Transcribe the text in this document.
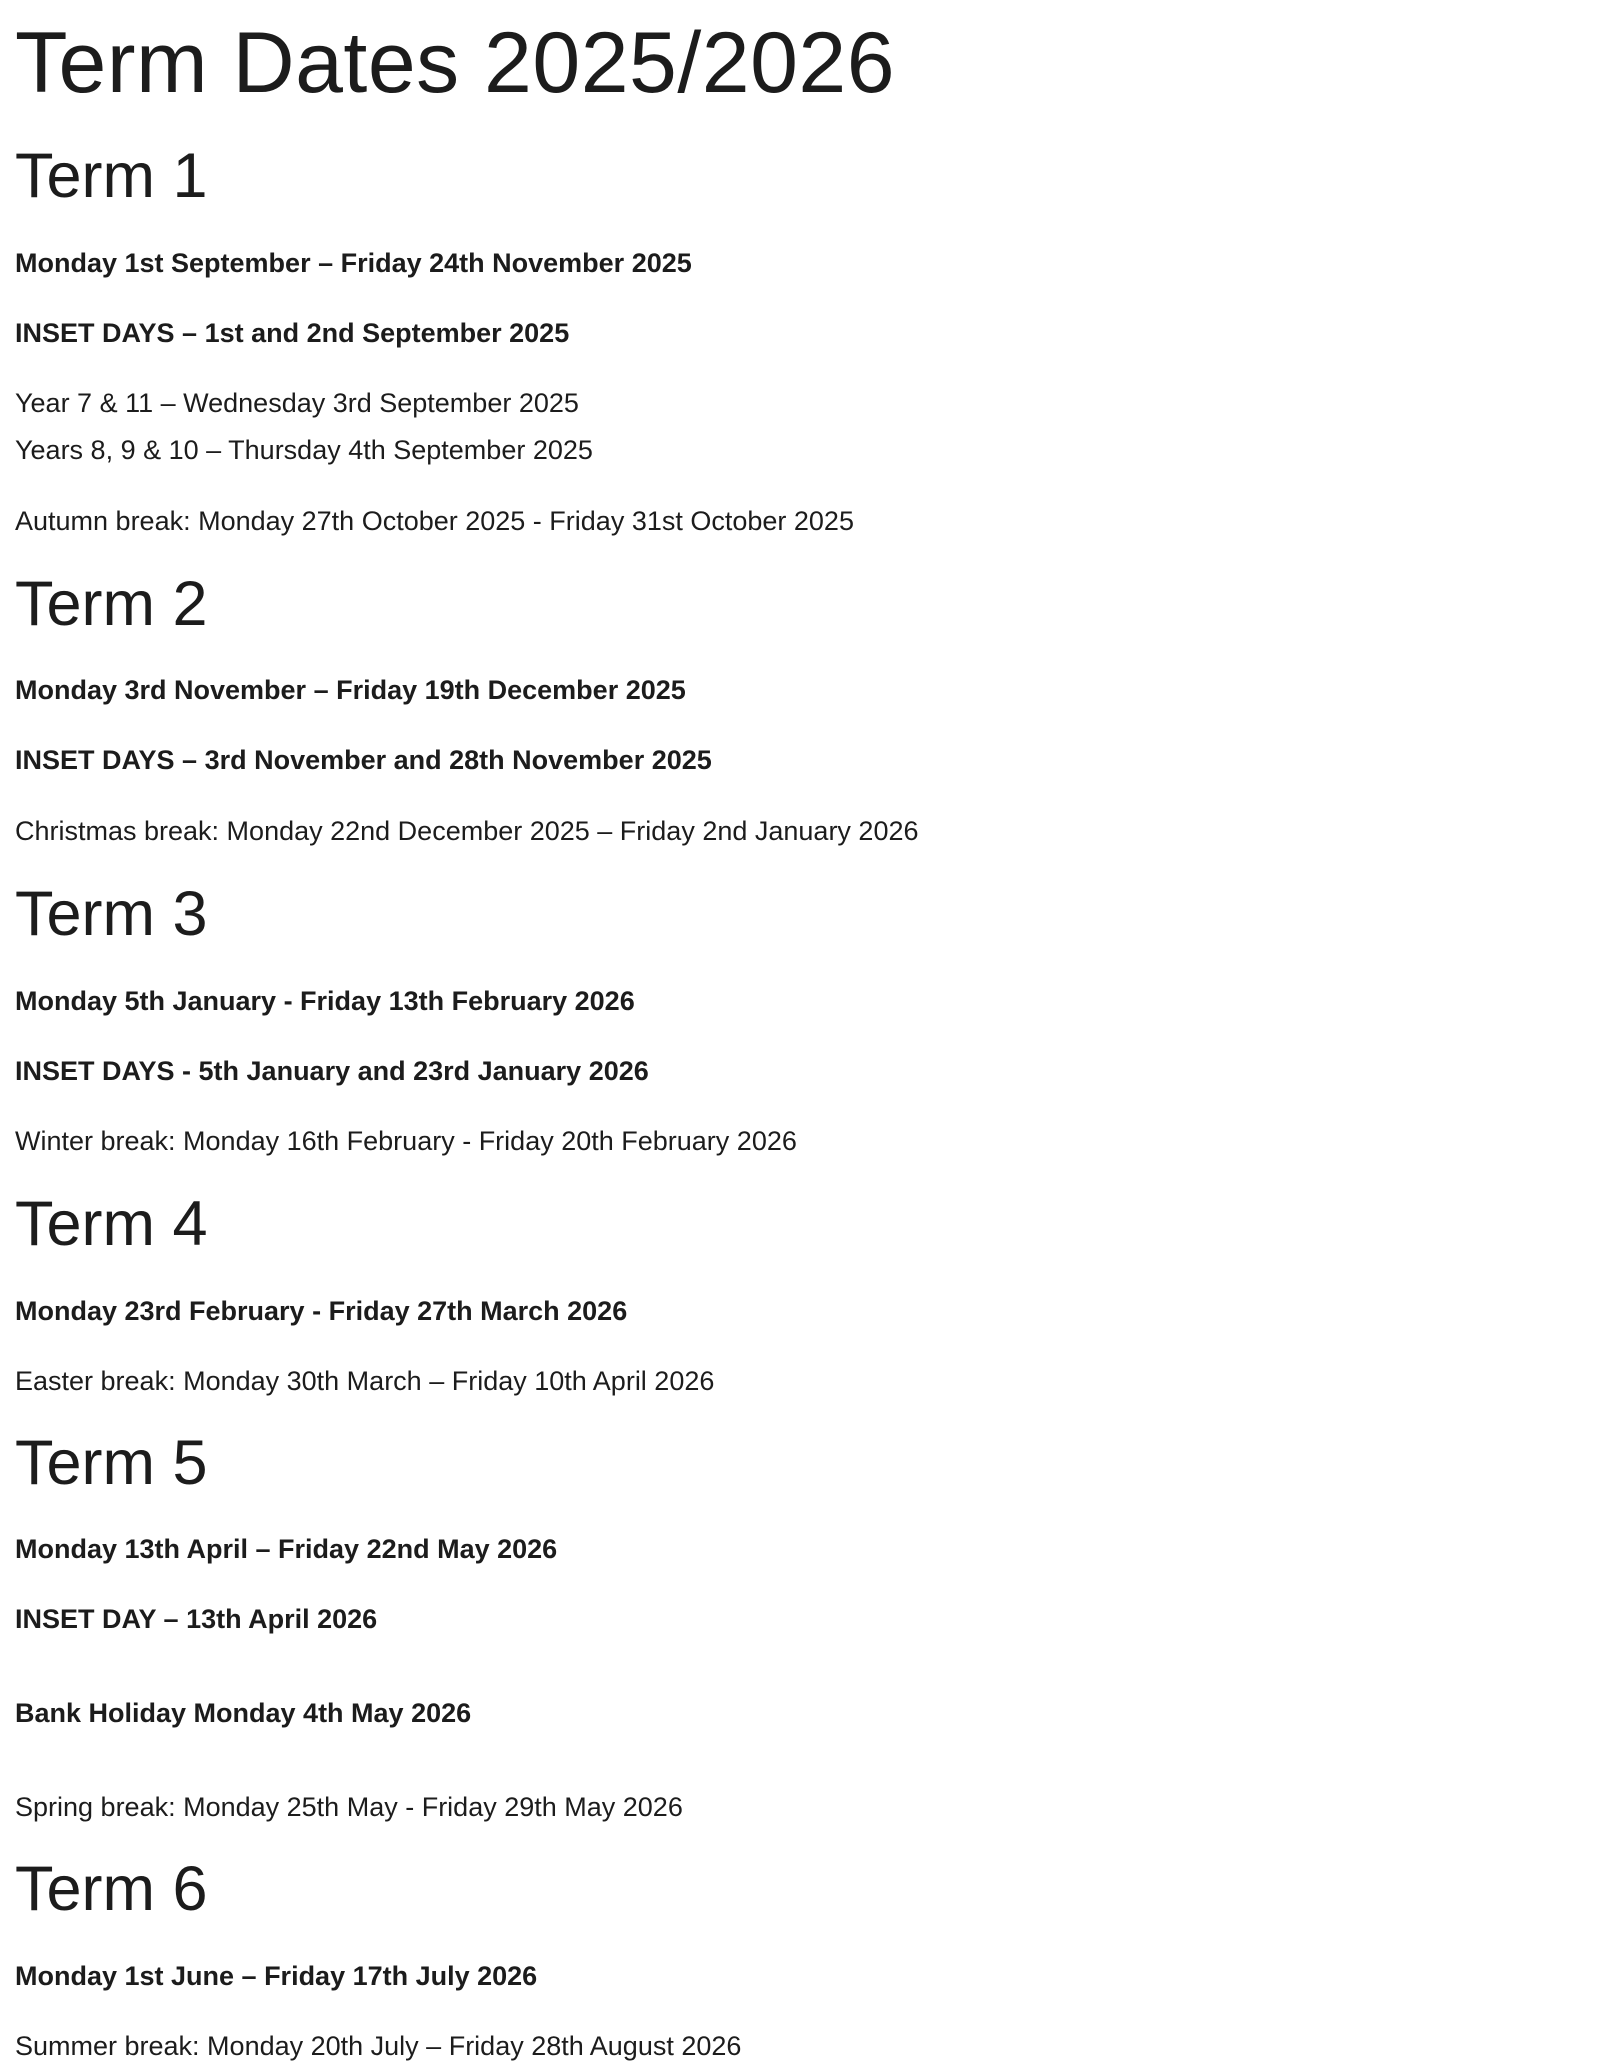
Term Dates 2025/2026
Term 1

Monday 1st September – Friday 24th November 2025

INSET DAYS – 1st and 2nd September 2025

Year 7 & 11 – Wednesday 3rd September 2025

Years 8, 9 & 10 – Thursday 4th September 2025

Autumn break: Monday 27th October 2025 - Friday 31st October 2025

Term 2

Monday 3rd November – Friday 19th December 2025

INSET DAYS – 3rd November and 28th November 2025

Christmas break: Monday 22nd December 2025 – Friday 2nd January 2026

Term 3

Monday 5th January - Friday 13th February 2026

INSET DAYS - 5th January and 23rd January 2026

Winter break: Monday 16th February - Friday 20th February 2026

Term 4

Monday 23rd February - Friday 27th March 2026

Easter break: Monday 30th March – Friday 10th April 2026

Term 5

Monday 13th April – Friday 22nd May 2026

INSET DAY – 13th April 2026

Bank Holiday Monday 4th May 2026

Spring break: Monday 25th May - Friday 29th May 2026

Term 6

Monday 1st June – Friday 17th July 2026

Summer break: Monday 20th July – Friday 28th August 2026
